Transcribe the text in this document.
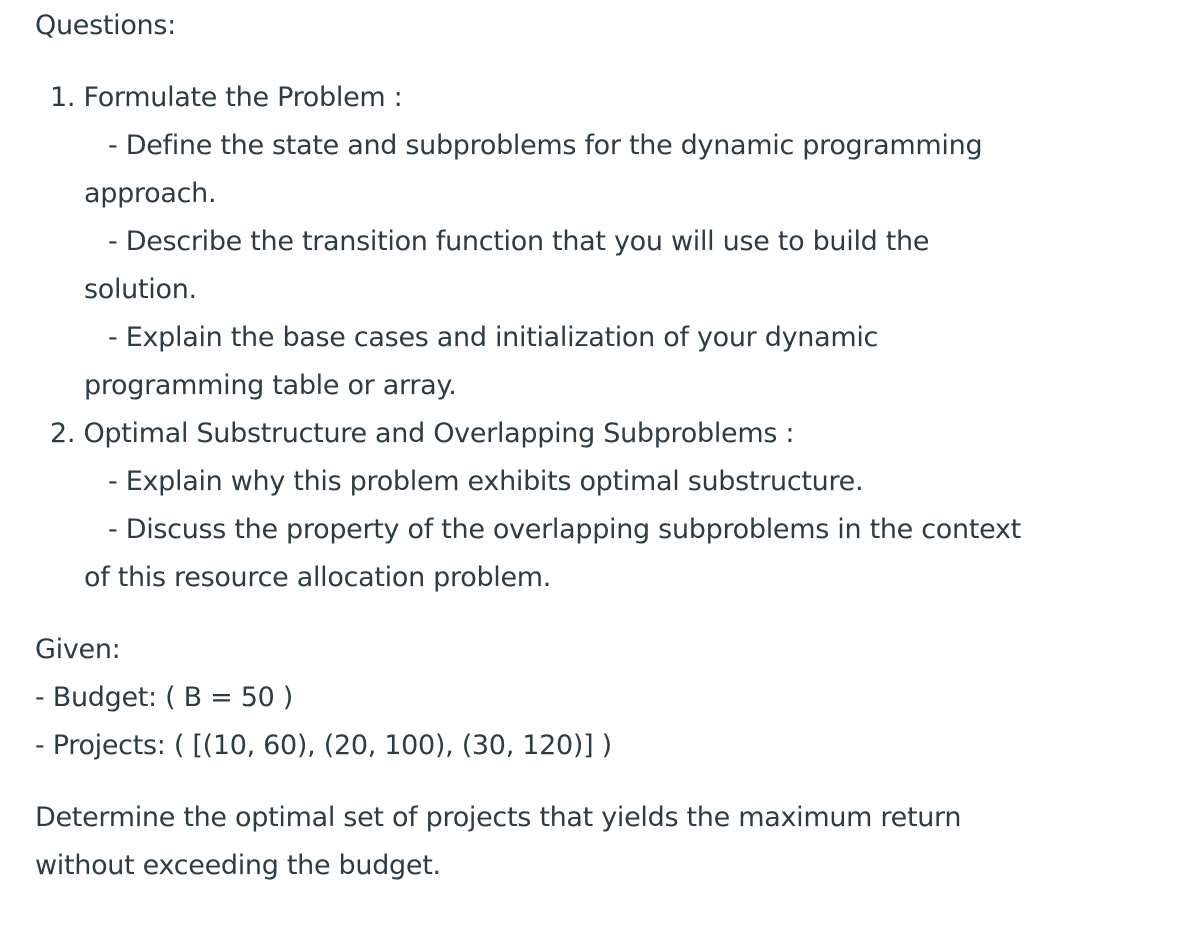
Questions:
1. Formulate the Problem :
- Define the state and subproblems for the dynamic programming
approach.
- Describe the transition function that you will use to build the
solution.
- Explain the base cases and initialization of your dynamic
programming table or array.
2. Optimal Substructure and Overlapping Subproblems :
- Explain why this problem exhibits optimal substructure.
- Discuss the property of the overlapping subproblems in the context
of this resource allocation problem.
Given:
- Budget: ( B = 50 )
- Projects: ( [(10, 60), (20, 100), (30, 120)] )
Determine the optimal set of projects that yields the maximum return
without exceeding the budget.
